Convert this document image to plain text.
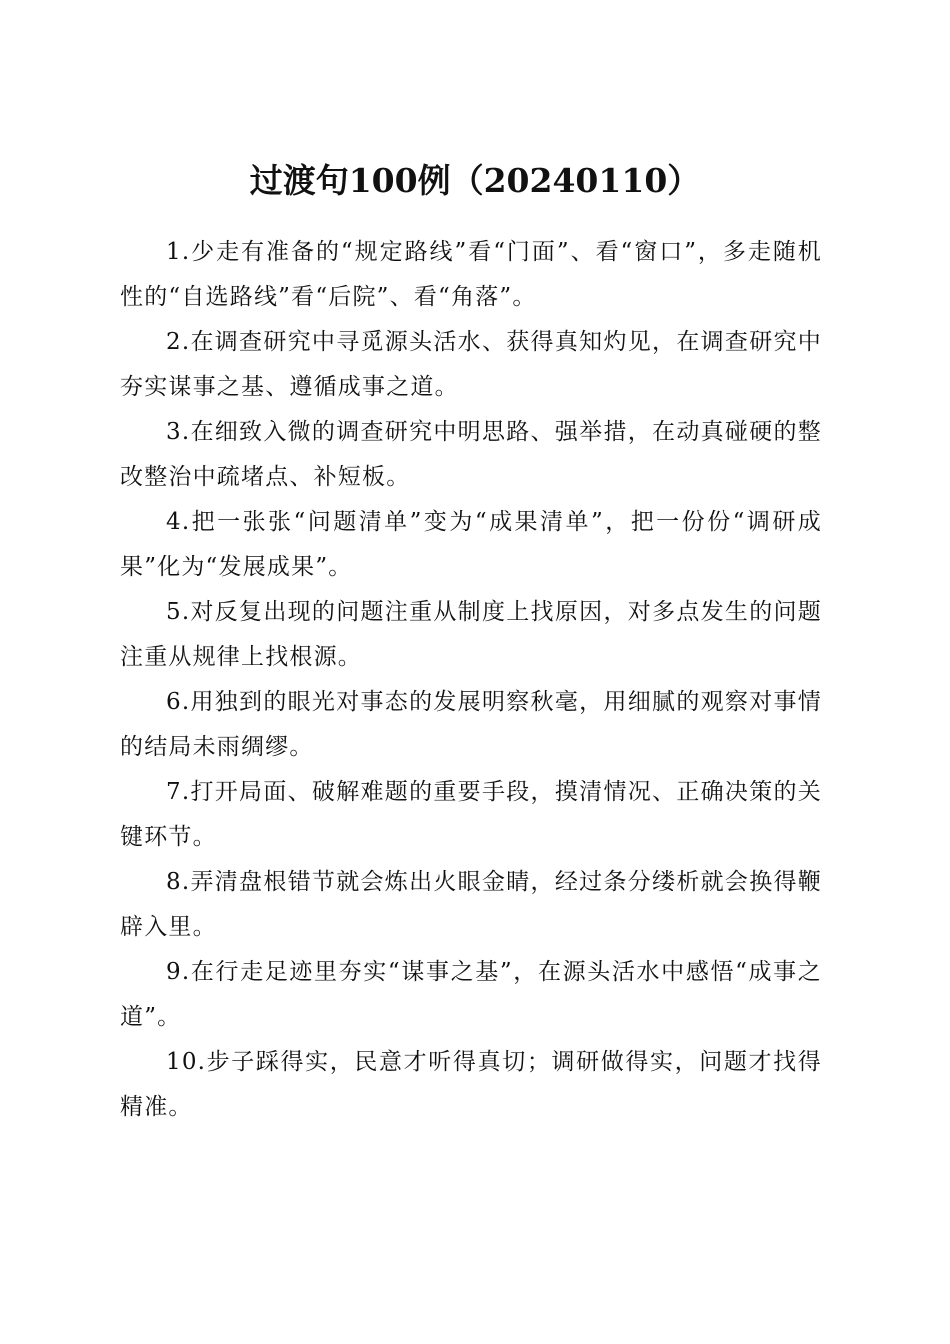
过渡句100例（20240110）

1.少走有准备的“规定路线”看“门面”、看“窗口”，多走随机性的“自选路线”看“后院”、看“角落”。

2.在调查研究中寻觅源头活水、获得真知灼见，在调查研究中夯实谋事之基、遵循成事之道。

3.在细致入微的调查研究中明思路、强举措，在动真碰硬的整改整治中疏堵点、补短板。

4.把一张张“问题清单”变为“成果清单”，把一份份“调研成果”化为“发展成果”。

5.对反复出现的问题注重从制度上找原因，对多点发生的问题注重从规律上找根源。

6.用独到的眼光对事态的发展明察秋毫，用细腻的观察对事情的结局未雨绸缪。

7.打开局面、破解难题的重要手段，摸清情况、正确决策的关键环节。

8.弄清盘根错节就会炼出火眼金睛，经过条分缕析就会换得鞭辟入里。

9.在行走足迹里夯实“谋事之基”，在源头活水中感悟“成事之道”。

10.步子踩得实，民意才听得真切；调研做得实，问题才找得精准。
